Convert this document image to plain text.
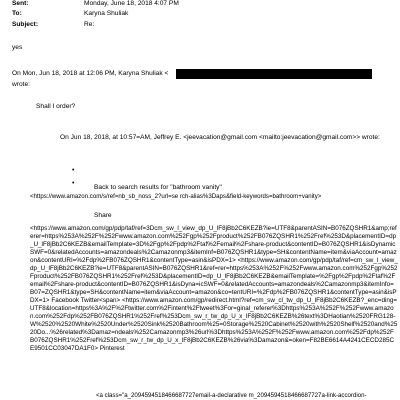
Sent:	Monday, June 18, 2018 4:07 PM
To:	Karyna Shuliak
Subject:	Re:
yes
On Mon, Jun 18, 2018 at 12:06 PM, Karyna Shuliak <
wrote:
Shall I order?
On Jun 18, 2018, at 10:57=AM, Jeffrey E. <jeevacation@gmail.com <mailto:jeevacation@gmail.com>> wrote:
•
•
Back to search results for "bathroom vanity"
<https://www.amazon.com/s/ref=nb_sb_noss_2?url=se rch-alias%3Daps&field-keywords=bathroom+vanity>
Share
<https://www.amazon.com/gp/pdp/taf/ref=3Dcm_sw_l_view_dp_U_lF8jBb2C6KEZB?ie=UTF8&parentASIN=B076ZQSHR1&amp;referer=https%253A%252F%252Fwww.amazon.com%252Fgp%252Fproduct%252FB076ZQSHR1%252Fref%253D&placementID=dp_U_lF8jBb2C6KEZB&emailTemplate=3D%2Fgp%2Fpdp%2Ftaf%2Femail%2Fshare-product&contentID=B076ZQSHR1&isDynamicSWF=0&relatedAccounts=amazondeals%2Camazonmp3&itemInf=B076ZQSHR1&type=SH&contentName=item&viaAccount=amazon&contentURI=%2Fdp%2FB076ZQSHR1&contentType=asin&isPDX=1> <https://www.amazon.com/gp/pdp/taf/ref=cm_sw_l_view_dp_U_lF8jBb2C6KEZB?ie=UTF8&parentASIN=B076ZQSHR1&ref=rer=https%253A%252F%252Fwww.amazon.com%252Fgp%252Fproduct%252FB076ZQSHR1%252Fref%253D&placementID=dp_U_lF8jBb2C6KEZB&emailTemplate=%2Fgp%2Fpdp%2Ftaf%2Femail%2Fshare-product&contentID=B076ZQSHR1&isDyna=icSWF=0&relatedAccounts=amazondeals%2Camazonmp3&itemInfo=B07=ZQSHR1&type=SH&contentName=item&viaAccount=amazon&co=tentURI=%2Fdp%2FB076ZQSHR1&contentType=asin&isPDX=1> Facebook Twitter<span> <https://www.amazon.com/gp/redirect.html?ref=cm_sw_cl_tw_dp_U_lF8jBb2C6KEZB?_enc=ding=UTF8&location=https%3A%2F%2Ftwitter.com%2Fintent%2Ftweet%3For=ginal_referer%3Dhttps%253A%252F%252Fwww.amazon.com%252Fdp%252FB076ZQSHR1%252Fref%253Dcm_sw_r_tw_dp_U_x_lF8jBb2C6KEZB%26text%3DHaotian%2520FRG128-W%2520%2520White%2520Under%2520Sink%2520Bathroom%25=0Storage%2520Cabinet%2520with%2520Shelf%2520and%2520Do...%26related%3Damaz=ndeals%252Camazonmp3%26url%3Dhttps%253A%252F%252Fwww.amazon.com%252Fdp%252FB076ZQSHR1%252Fref%253Dcm_sw_r_tw_dp_U_x_lF8jBb2C6KEZB%26via%3Damazon&=oken=F82BE6614A4241CECD285CE9501CC03047DA1F0> Pinterest
<a class="a_2094594518466687727email-a-declarative m_2094594518466687727a-link-accordion-
